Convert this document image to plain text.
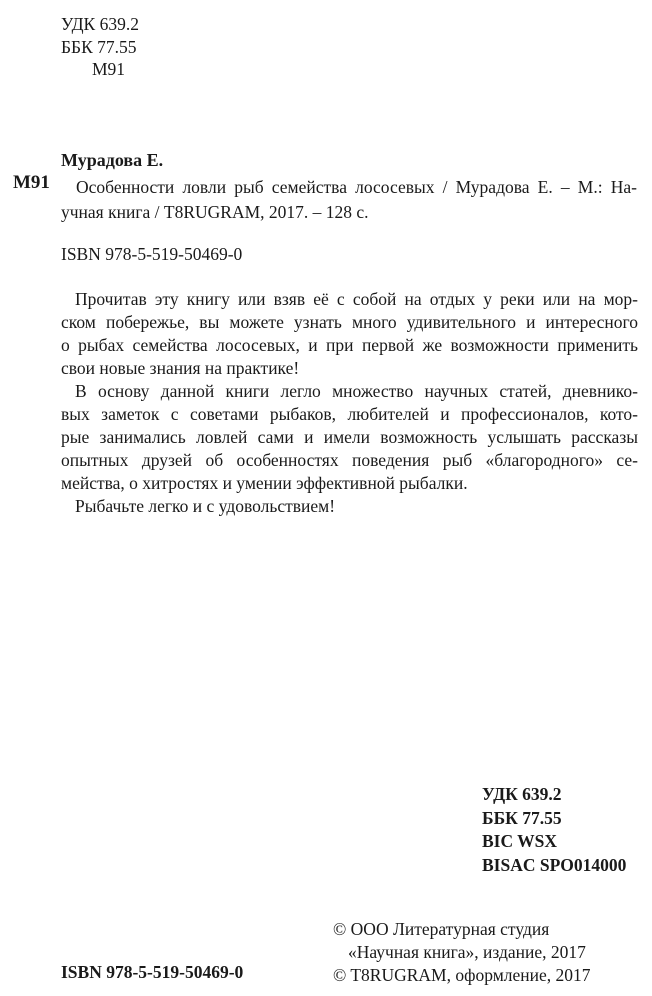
УДК 639.2
ББК 77.55
М91
М91
Мурадова Е.
Особенности ловли рыб семейства лососевых / Мурадова Е. – М.: На-
учная книга / T8RUGRAM, 2017. – 128 с.
ISBN 978-5-519-50469-0
Прочитав эту книгу или взяв её с собой на отдых у реки или на мор-
ском побережье, вы можете узнать много удивительного и интересного
о рыбах семейства лососевых, и при первой же возможности применить
свои новые знания на практике!
В основу данной книги легло множество научных статей, дневнико-
вых заметок с советами рыбаков, любителей и профессионалов, кото-
рые занимались ловлей сами и имели возможность услышать рассказы
опытных друзей об особенностях поведения рыб «благородного» се-
мейства, о хитростях и умении эффективной рыбалки.
Рыбачьте легко и с удовольствием!
УДК 639.2
ББК 77.55
BIC WSX
BISAC SPO014000
© ООО Литературная студия
«Научная книга», издание, 2017
© T8RUGRAM, оформление, 2017
ISBN 978-5-519-50469-0
